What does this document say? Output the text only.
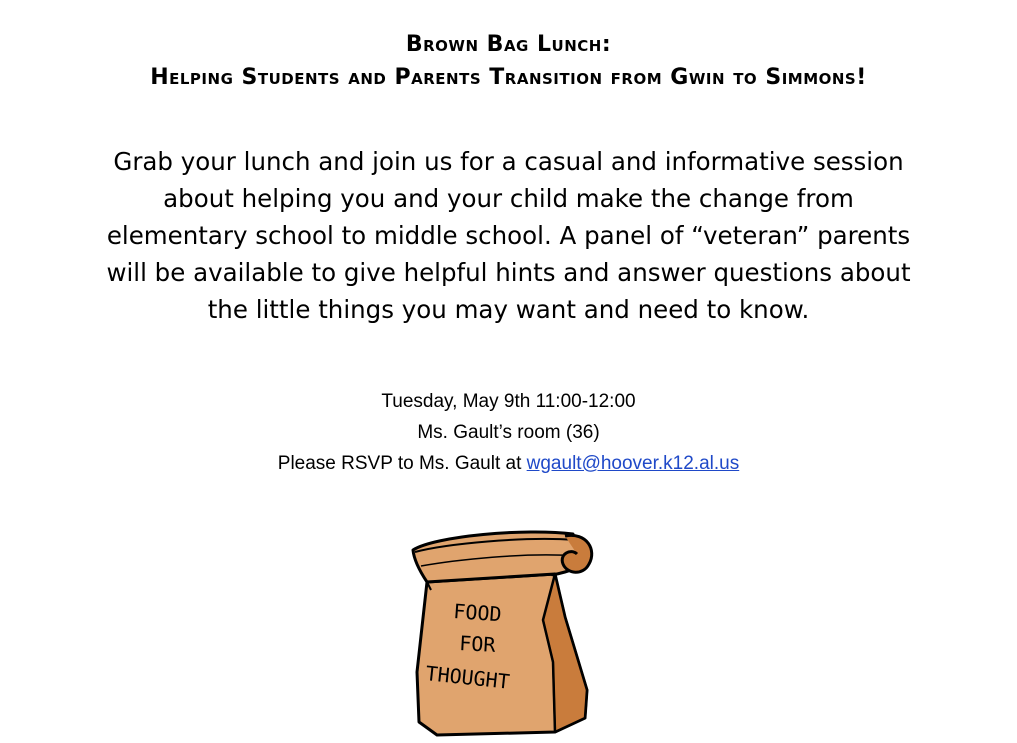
Brown Bag Lunch:
Helping Students and Parents Transition from Gwin to Simmons!
Grab your lunch and join us for a casual and informative session
about helping you and your child make the change from
elementary school to middle school. A panel of “veteran” parents
will be available to give helpful hints and answer questions about
the little things you may want and need to know.
Tuesday, May 9th 11:00-12:00
Ms. Gault’s room (36)
Please RSVP to Ms. Gault at wgault@hoover.k12.al.us
FOOD
FOR
THOUGHT
